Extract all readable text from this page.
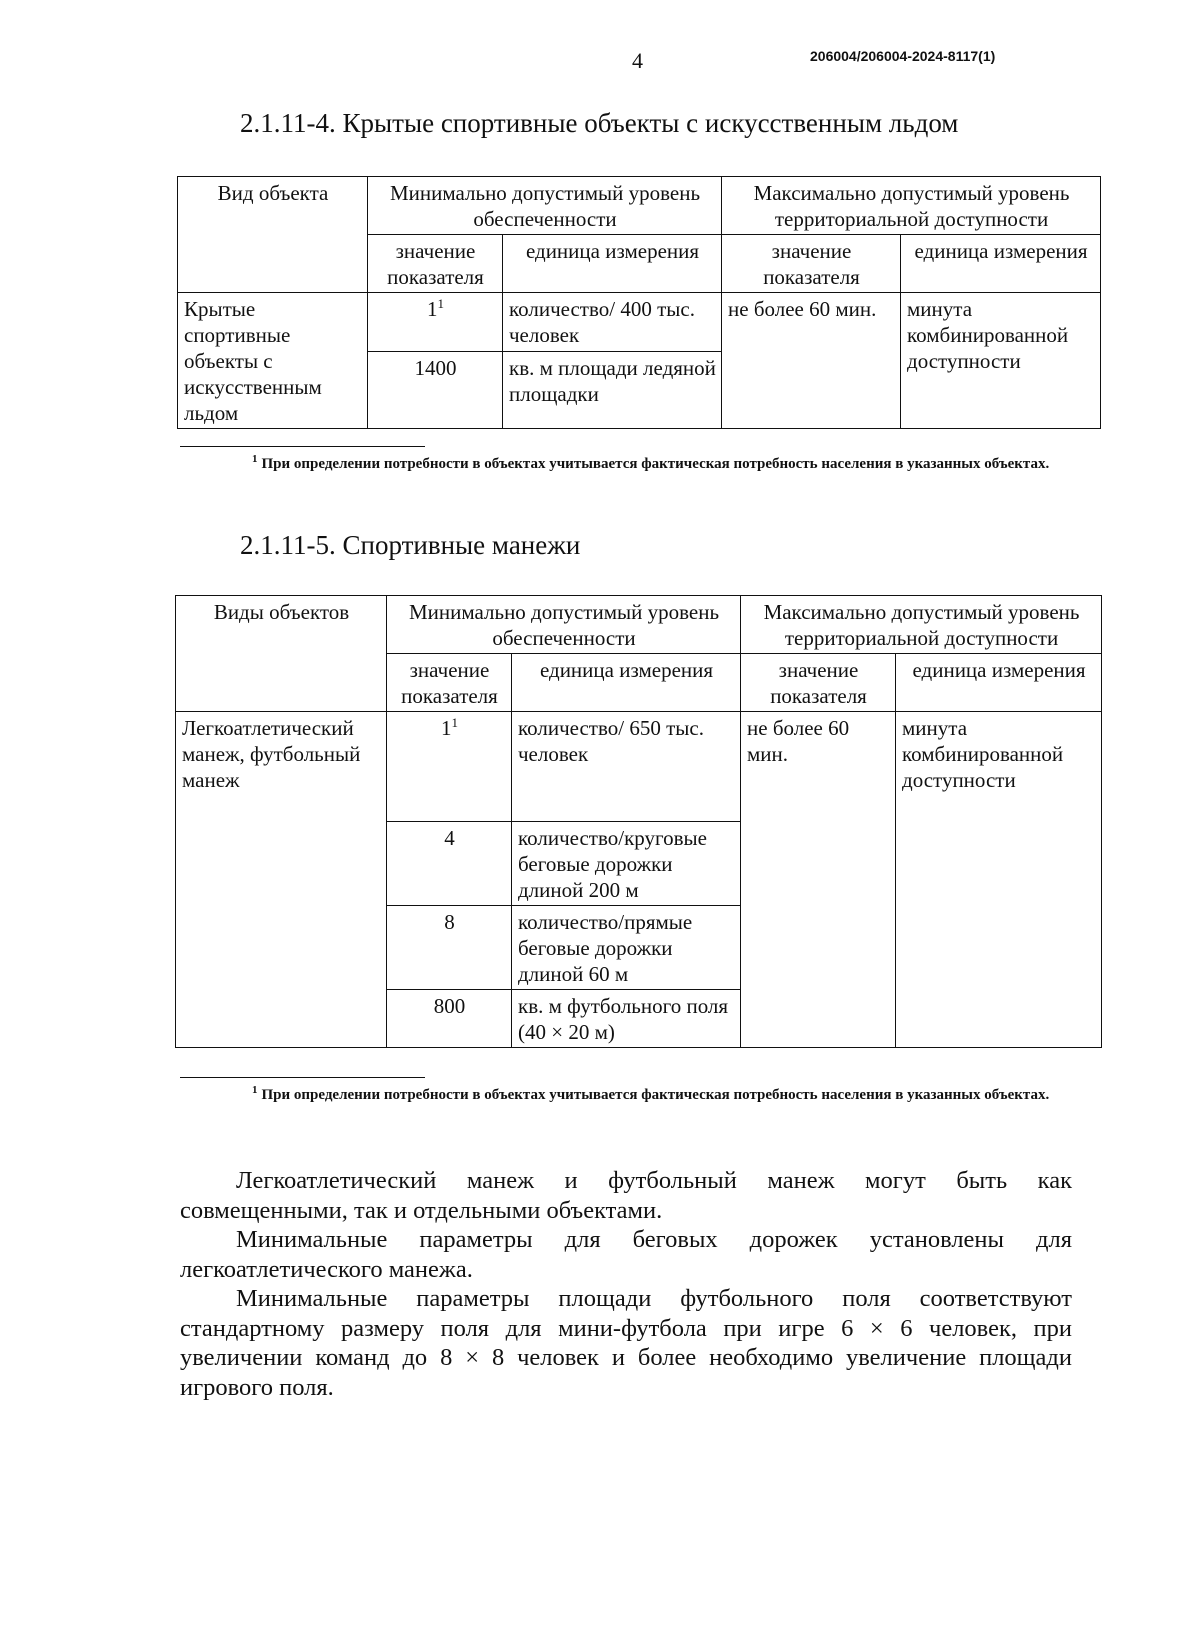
206004/206004-2024-8117(1)
4
2.1.11-4. Крытые спортивные объекты с искусственным льдом
Вид объекта	Минимально допустимый уровень обеспеченности		Максимально допустимый уровень территориальной доступности	
	значение показателя	единица измерения	значение показателя	единица измерения
Крытые спортивные объекты с искусственным льдом	$1^1$	количество/ 400 тыс. человек	не более 60 мин.	минута комбинированной доступности
	1400	кв. м площади ледяной площадки		
$^1$ При определении потребности в объектах учитывается фактическая потребность населения в указанных объектах.
2.1.11-5. Спортивные манежи
Виды объектов	Минимально допустимый уровень обеспеченности		Максимально допустимый уровень территориальной доступности	
	значение показателя	единица измерения	значение показателя	единица измерения
Легкоатлетический манеж, футбольный манеж	$1^1$	количество/ 650 тыс. человек	не более 60 мин.	минута комбинированной доступности
	4	количество/круговые беговые дорожки длиной 200 м		
	8	количество/прямые беговые дорожки длиной 60 м		
	800	кв. м футбольного поля (40 × 20 м)		
$^1$ При определении потребности в объектах учитывается фактическая потребность населения в указанных объектах.

Легкоатлетический манеж и футбольный манеж могут быть как совмещенными, так и отдельными объектами.

Минимальные параметры для беговых дорожек установлены для легкоатлетического манежа.

Минимальные параметры площади футбольного поля соответствуют стандартному размеру поля для мини-футбола при игре 6 × 6 человек, при увеличении команд до 8 × 8 человек и более необходимо увеличение площади игрового поля.
